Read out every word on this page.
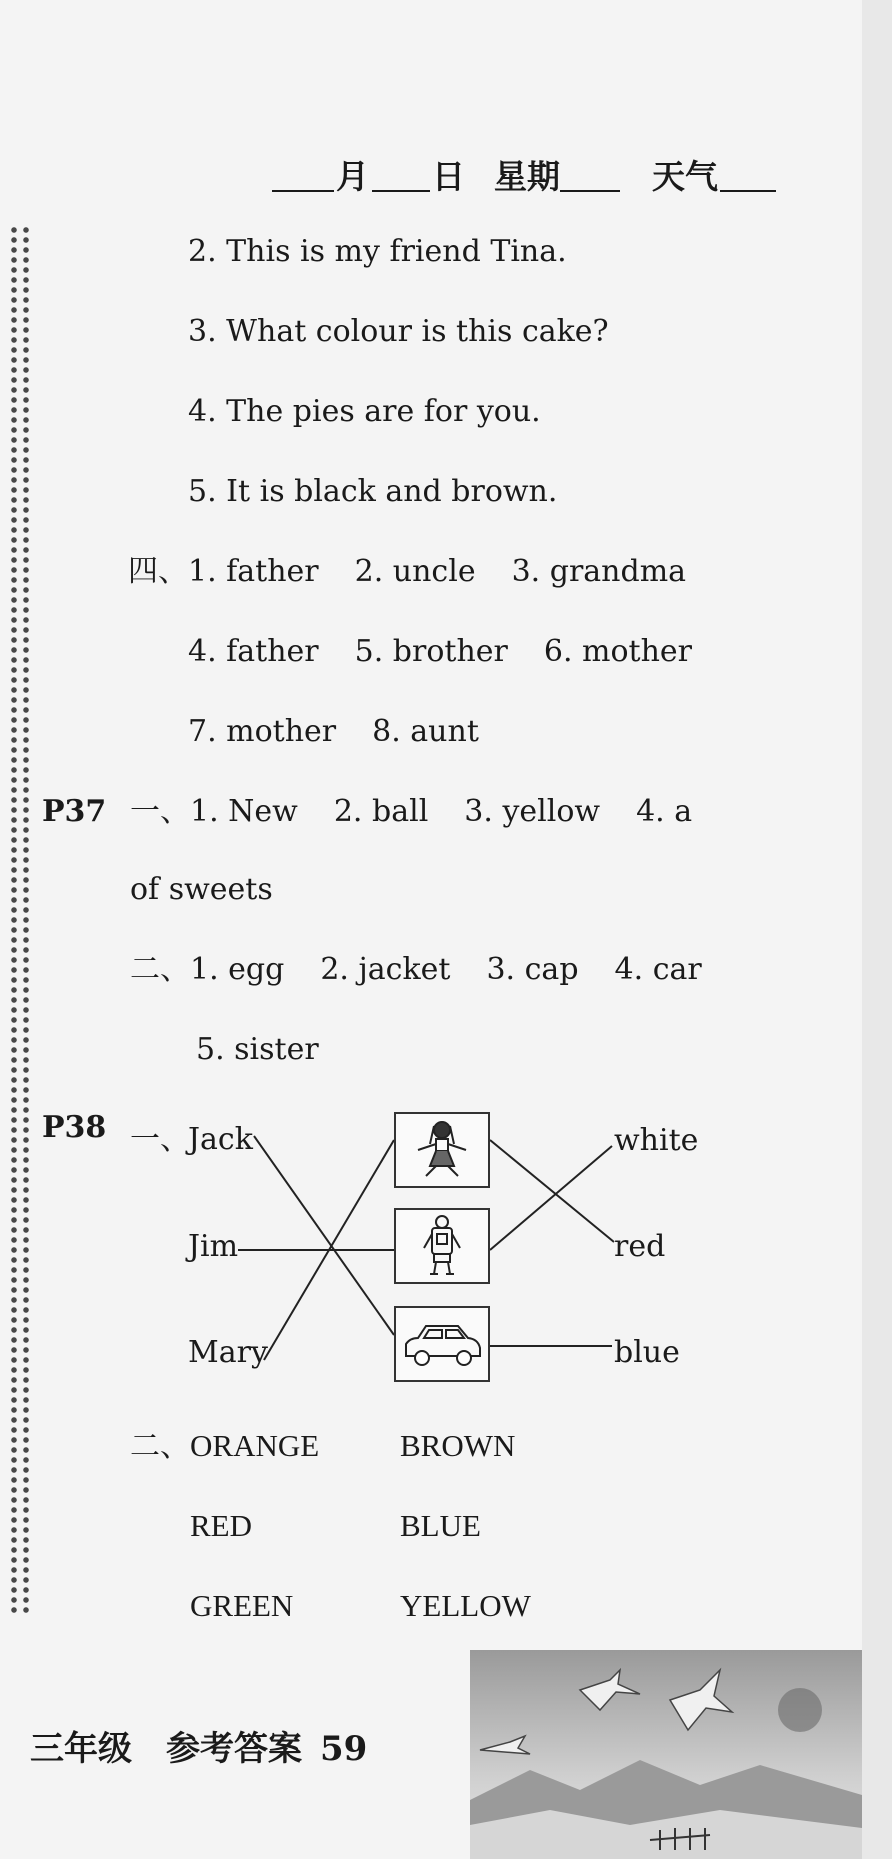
月 日 星期	天气
2. This is my friend Tina.
3. What colour is this cake?
4. The pies are for you.
5. It is black and brown.
四、1. father 2. uncle 3. grandma
4. father 5. brother 6. mother
7. mother 8. aunt
P37 一、1. New 2. ball 3. yellow 4. a
of sweets
二、1. egg 2. jacket 3. cap 4. car
5. sister
P38 一、
Jack
Jim
Mary
white
red
blue
二、 ORANGE	BROWN
RED	BLUE
GREEN	YELLOW
三年级　参考答案 59
